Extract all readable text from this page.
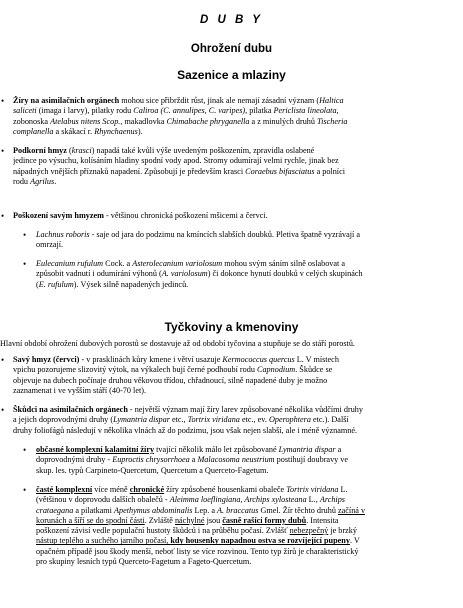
D U B Y
Ohrožení dubu
Sazenice a mlaziny
• Žíry na asimilačních orgánech mohou sice přibrždit růst, jinak ale nemají zásadní význam (Haltica
saliceti (imaga i larvy), pilatky rodu Caliroa (C. annulipes, C. varipes), pilatka Periclista lineolata,
zobonoska Atelabus nitens Scop., makadlovka Chimabache phryganella a z minulých druhů Tischeria
complanella a skákací r. Rhynchaenus).
• Podkorní hmyz (krasci) napadá také kvůli výše uvedeným poškozením, zpravidla oslabené
jedince po výsuchu, kolísáním hladiny spodní vody apod. Stromy odumírají velmi rychle, jinak bez
nápadných vnějších příznaků napadení. Způsobují je především krasci Coraebus bifasciatus a polníci
rodu Agrilus.
• Poškození savým hmyzem - většinou chronická poškození mšicemi a červci.
• Lachnus roboris - saje od jara do podzimu na kmíncích slabších doubků. Pletiva špatně vyzrávají a
omrzají.
• Eulecanium rufulum Cock. a Asterolecanium variolosum mohou svým sáním silně oslabovat a
způsobit vadnutí i odumírání výhonů (A. variolosum) či dokonce hynutí doubků v celých skupinách
(E. rufulum). Výsek silně napadených jedinců.
Tyčkoviny a kmenoviny
Hlavní období ohrožení dubových porostů se dostavuje až od období tyčovina a stupňuje se do stáří porostů.
• Savý hmyz (červci) - v prasklinách kůry kmene i větví usazuje Kermococcus quercus L. V místech
vpichu pozorujeme slizovitý výtok, na výkalech bují černé podhoubí rodu Capnodium. Škůdce se
objevuje na dubech počínaje druhou věkovou třídou, chřadnoucí, silně napadené duby je možno
zaznamenat i ve vyšším stáří (40-70 let).
• Škůdci na asimilačních orgánech - největší význam mají žíry larev způsobované několika vůdčími druhy
a jejich doprovodnými druhy (Lymantria dispar etc., Tortrix viridana etc., ev. Operophtera etc.). Další
druhy foliofágů následují v několika vlnách až do podzimu, jsou však nejen slabší, ale i méně významné.
• občasné komplexní kalamitní žíry tvající několik málo let způsobované Lymantria dispar a
doprovodnými druhy - Euproctis chrysorrhoea a Malacosoma neustrium postihují doubravy ve
skup. les. typů Carpineto-Quercetum, Quercetum a Querceto-Fagetum.
• časté komplexní více méně chronické žíry způsobené housenkami obaleče Tortrix viridana L.
(většinou v doprovodu dalších obalečů - Aleimma loeflingiana, Archips xylosteana L., Archips
crataegana a pilatkami Apethymus abdominalis Lep. a A. braccatus Gmel. Žír těchto druhů začíná v
korunách a šíří se do spodní části. Zvláště náchylné jsou časně rašící formy dubů. Intensita
poškození závisí vedle populační hustoty škůdců i na průběhu počasí. Zvlášť nebezpečný je brzký
nástup teplého a suchého jarního počasí, kdy housenky napadnou ostva se rozvíjející pupeny. V
opačném případě jsou škody menší, neboť listy se více rozvinou. Tento typ žírů je charakteristický
pro skupiny lesních typů Querceto-Fagetum a Fageto-Quercetum.
